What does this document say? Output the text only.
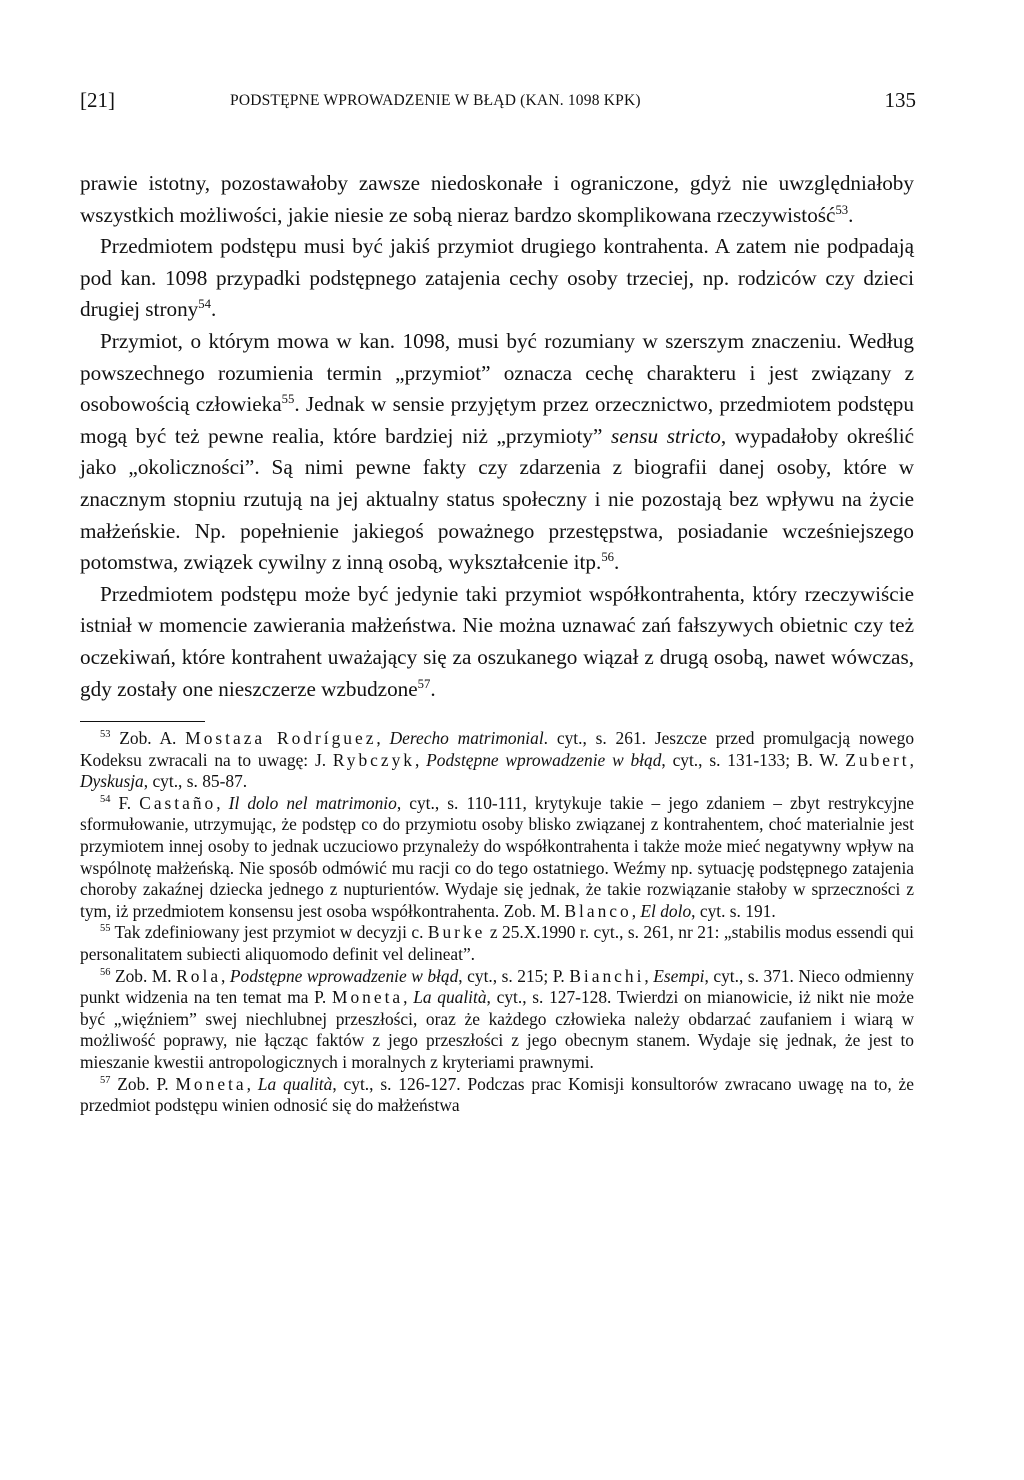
[21]	PODSTĘPNE WPROWADZENIE W BŁĄD (KAN. 1098 KPK)	135

prawie istotny, pozostawałoby zawsze niedoskonałe i ograniczone, gdyż nie uwzględniałoby wszystkich możliwości, jakie niesie ze sobą nieraz bardzo skomplikowana rzeczywistość$^{53}$.

Przedmiotem podstępu musi być jakiś przymiot drugiego kontrahenta. A zatem nie podpadają pod kan. 1098 przypadki podstępnego zatajenia cechy osoby trzeciej, np. rodziców czy dzieci drugiej strony$^{54}$.

Przymiot, o którym mowa w kan. 1098, musi być rozumiany w szerszym znaczeniu. Według powszechnego rozumienia termin „przymiot” oznacza cechę charakteru i jest związany z osobowością człowieka$^{55}$. Jednak w sensie przyjętym przez orzecznictwo, przedmiotem podstępu mogą być też pewne realia, które bardziej niż „przymioty” sensu stricto, wypadałoby określić jako „okoliczności”. Są nimi pewne fakty czy zdarzenia z biografii danej osoby, które w znacznym stopniu rzutują na jej aktualny status społeczny i nie pozostają bez wpływu na życie małżeńskie. Np. popełnienie jakiegoś poważnego przestępstwa, posiadanie wcześniejszego potomstwa, związek cywilny z inną osobą, wykształcenie itp.$^{56}$.

Przedmiotem podstępu może być jedynie taki przymiot współkontrahenta, który rzeczywiście istniał w momencie zawierania małżeństwa. Nie można uznawać zań fałszywych obietnic czy też oczekiwań, które kontrahent uważający się za oszukanego wiązał z drugą osobą, nawet wówczas, gdy zostały one nieszczerze wzbudzone$^{57}$.

$^{53}$ Zob. A. Mostaza Rodríguez, Derecho matrimonial. cyt., s. 261. Jeszcze przed promulgacją nowego Kodeksu zwracali na to uwagę: J. Rybczyk, Podstępne wprowadzenie w błąd, cyt., s. 131-133; B. W. Zubert, Dyskusja, cyt., s. 85-87.

$^{54}$ F. Castaño, Il dolo nel matrimonio, cyt., s. 110-111, krytykuje takie – jego zdaniem – zbyt restrykcyjne sformułowanie, utrzymując, że podstęp co do przymiotu osoby blisko związanej z kontrahentem, choć materialnie jest przymiotem innej osoby to jednak uczuciowo przynależy do współkontrahenta i także może mieć negatywny wpływ na wspólnotę małżeńską. Nie sposób odmówić mu racji co do tego ostatniego. Weźmy np. sytuację podstępnego zatajenia choroby zakaźnej dziecka jednego z nupturientów. Wydaje się jednak, że takie rozwiązanie stałoby w sprzeczności z tym, iż przedmiotem konsensu jest osoba współkontrahenta. Zob. M. Blanco, El dolo, cyt. s. 191.

$^{55}$ Tak zdefiniowany jest przymiot w decyzji c. Burke z 25.X.1990 r. cyt., s. 261, nr 21: „stabilis modus essendi qui personalitatem subiecti aliquomodo definit vel delineat”.

$^{56}$ Zob. M. Rola, Podstępne wprowadzenie w błąd, cyt., s. 215; P. Bianchi, Esempi, cyt., s. 371. Nieco odmienny punkt widzenia na ten temat ma P. Moneta, La qualità, cyt., s. 127-128. Twierdzi on mianowicie, iż nikt nie może być „więźniem” swej niechlubnej przeszłości, oraz że każdego człowieka należy obdarzać zaufaniem i wiarą w możliwość poprawy, nie łącząc faktów z jego przeszłości z jego obecnym stanem. Wydaje się jednak, że jest to mieszanie kwestii antropologicznych i moralnych z kryteriami prawnymi.

$^{57}$ Zob. P. Moneta, La qualità, cyt., s. 126-127. Podczas prac Komisji konsultorów zwracano uwagę na to, że przedmiot podstępu winien odnosić się do małżeństwa
